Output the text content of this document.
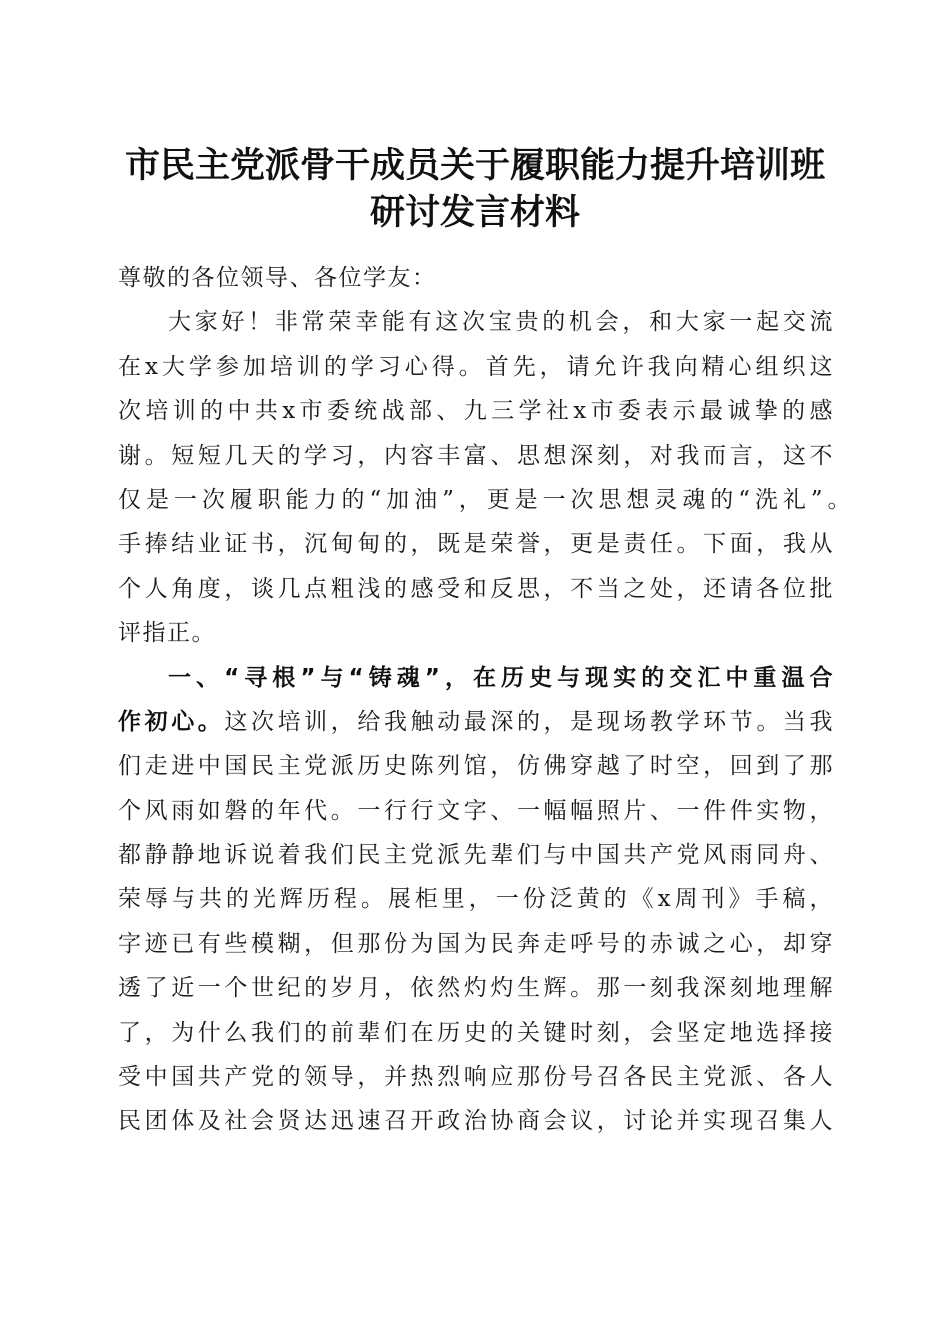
市民主党派骨干成员关于履职能力提升培训班
研讨发言材料
尊敬的各位领导、各位学友：
大家好！非常荣幸能有这次宝贵的机会，和大家一起交流
在x大学参加培训的学习心得。首先，请允许我向精心组织这
次培训的中共x市委统战部、九三学社x市委表示最诚挚的感
谢。短短几天的学习，内容丰富、思想深刻，对我而言，这不
仅是一次履职能力的“加油”，更是一次思想灵魂的“洗礼”。
手捧结业证书，沉甸甸的，既是荣誉，更是责任。下面，我从
个人角度，谈几点粗浅的感受和反思，不当之处，还请各位批
评指正。
一、“寻根”与“铸魂”，在历史与现实的交汇中重温合
作初心。这次培训，给我触动最深的，是现场教学环节。当我
们走进中国民主党派历史陈列馆，仿佛穿越了时空，回到了那
个风雨如磐的年代。一行行文字、一幅幅照片、一件件实物，
都静静地诉说着我们民主党派先辈们与中国共产党风雨同舟、
荣辱与共的光辉历程。展柜里，一份泛黄的《x周刊》手稿，
字迹已有些模糊，但那份为国为民奔走呼号的赤诚之心，却穿
透了近一个世纪的岁月，依然灼灼生辉。那一刻我深刻地理解
了，为什么我们的前辈们在历史的关键时刻，会坚定地选择接
受中国共产党的领导，并热烈响应那份号召各民主党派、各人
民团体及社会贤达迅速召开政治协商会议，讨论并实现召集人
